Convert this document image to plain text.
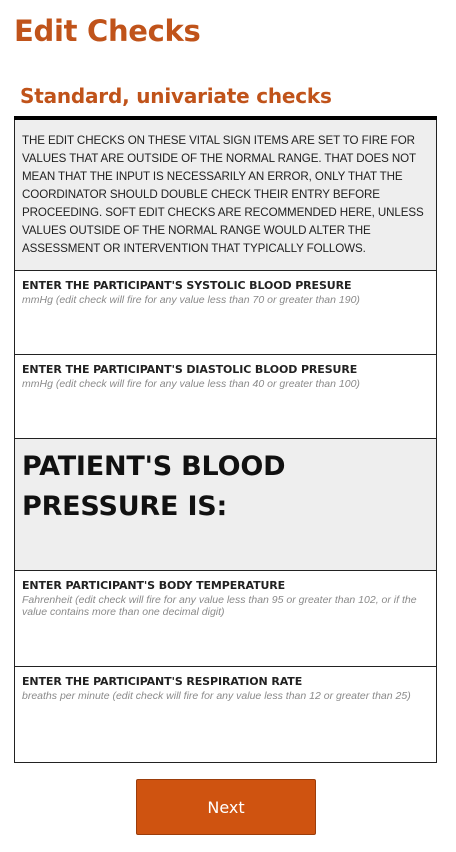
Edit Checks
Standard, univariate checks
THE EDIT CHECKS ON THESE VITAL SIGN ITEMS ARE SET TO FIRE FOR VALUES THAT ARE OUTSIDE OF THE NORMAL RANGE. THAT DOES NOT MEAN THAT THE INPUT IS NECESSARILY AN ERROR, ONLY THAT THE COORDINATOR SHOULD DOUBLE CHECK THEIR ENTRY BEFORE PROCEEDING. SOFT EDIT CHECKS ARE RECOMMENDED HERE, UNLESS VALUES OUTSIDE OF THE NORMAL RANGE WOULD ALTER THE ASSESSMENT OR INTERVENTION THAT TYPICALLY FOLLOWS.
ENTER THE PARTICIPANT'S SYSTOLIC BLOOD PRESURE
mmHg (edit check will fire for any value less than 70 or greater than 190)
ENTER THE PARTICIPANT'S DIASTOLIC BLOOD PRESURE
mmHg (edit check will fire for any value less than 40 or greater than 100)
PATIENT'S BLOOD PRESSURE IS:
ENTER PARTICIPANT'S BODY TEMPERATURE
Fahrenheit (edit check will fire for any value less than 95 or greater than 102, or if the value contains more than one decimal digit)
ENTER THE PARTICIPANT'S RESPIRATION RATE
breaths per minute (edit check will fire for any value less than 12 or greater than 25)
Next
